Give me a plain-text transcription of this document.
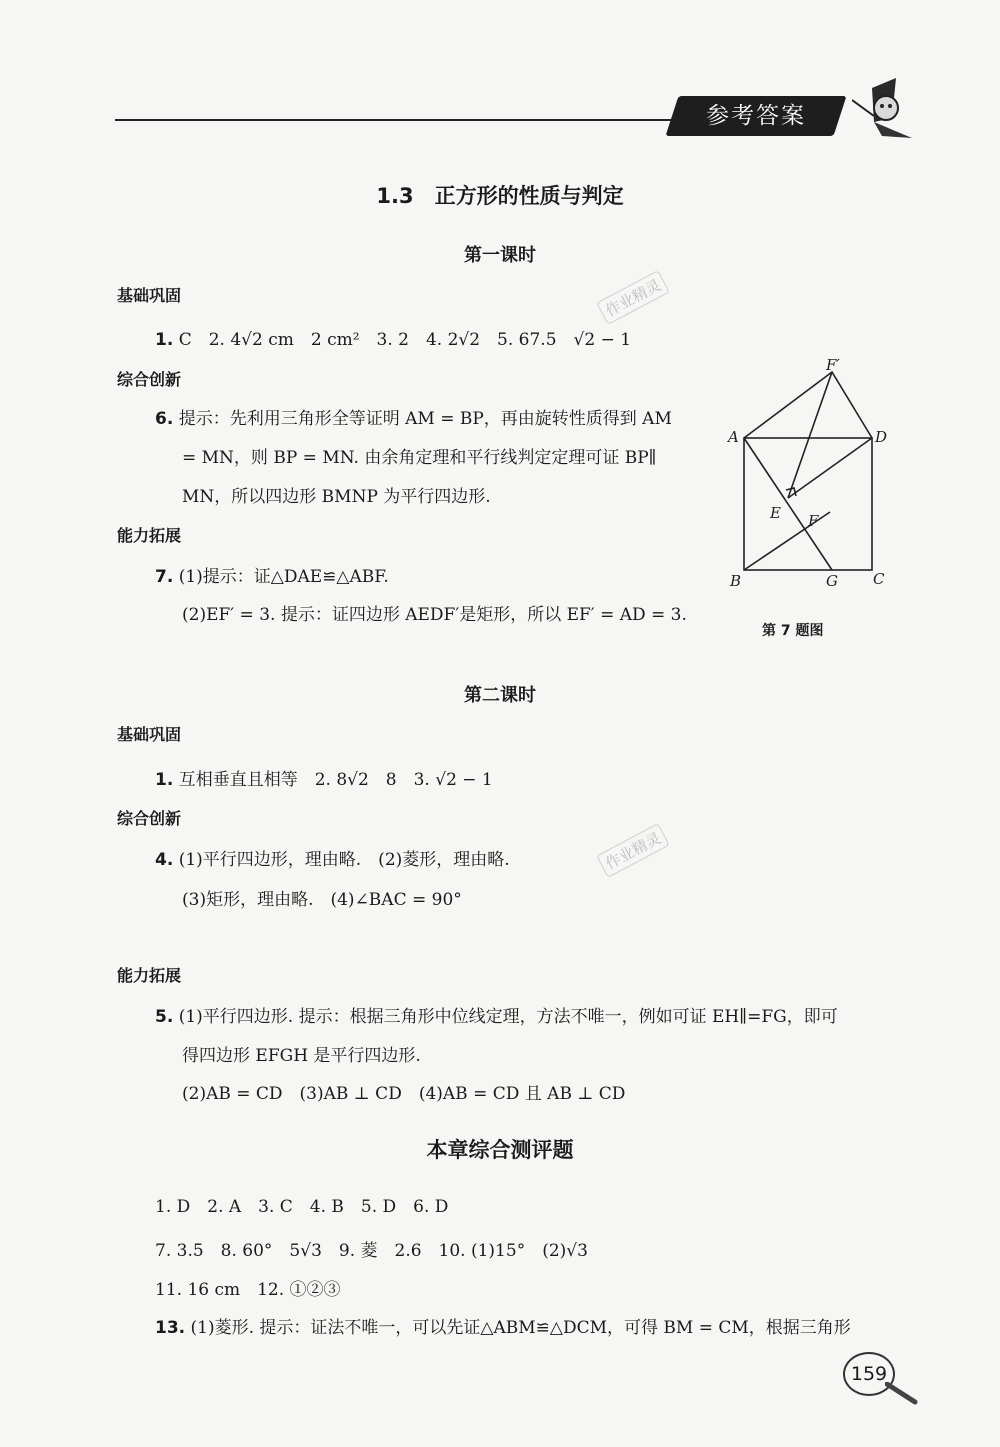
参考答案
1.3　正方形的性质与判定
第一课时
基础巩固
1. C　 2. 4√2 cm　2 cm²　3. 2　4. 2√2　5. 67.5　√2 − 1
综合创新
6. 提示：先利用三角形全等证明 AM = BP，再由旋转性质得到 AM
= MN，则 BP = MN. 由余角定理和平行线判定定理可证 BP∥
MN，所以四边形 BMNP 为平行四边形.
能力拓展
7. (1)提示：证△DAE≌△ABF.
(2)EF′ = 3. 提示：证四边形 AEDF′是矩形，所以 EF′ = AD = 3.
F′
A	D
E F
B	G C
第 7 题图
第二课时
基础巩固
1. 互相垂直且相等　2. 8√2　8　3. √2 − 1
综合创新
4. (1)平行四边形，理由略.　(2)菱形，理由略.
(3)矩形，理由略.　(4)∠BAC = 90°
能力拓展
5. (1)平行四边形. 提示：根据三角形中位线定理，方法不唯一，例如可证 EH∥=FG，即可
得四边形 EFGH 是平行四边形.
(2)AB = CD　(3)AB ⊥ CD　(4)AB = CD 且 AB ⊥ CD
本章综合测评题
1. D　2. A　3. C　4. B　5. D　6. D
7. 3.5　8. 60°　5√3　9. 菱　2.6　10. (1)15°　(2)√3
11. 16 cm　12. ①②③
13. (1)菱形. 提示：证法不唯一，可以先证△ABM≌△DCM，可得 BM = CM，根据三角形
作业精灵
作业精灵
159
